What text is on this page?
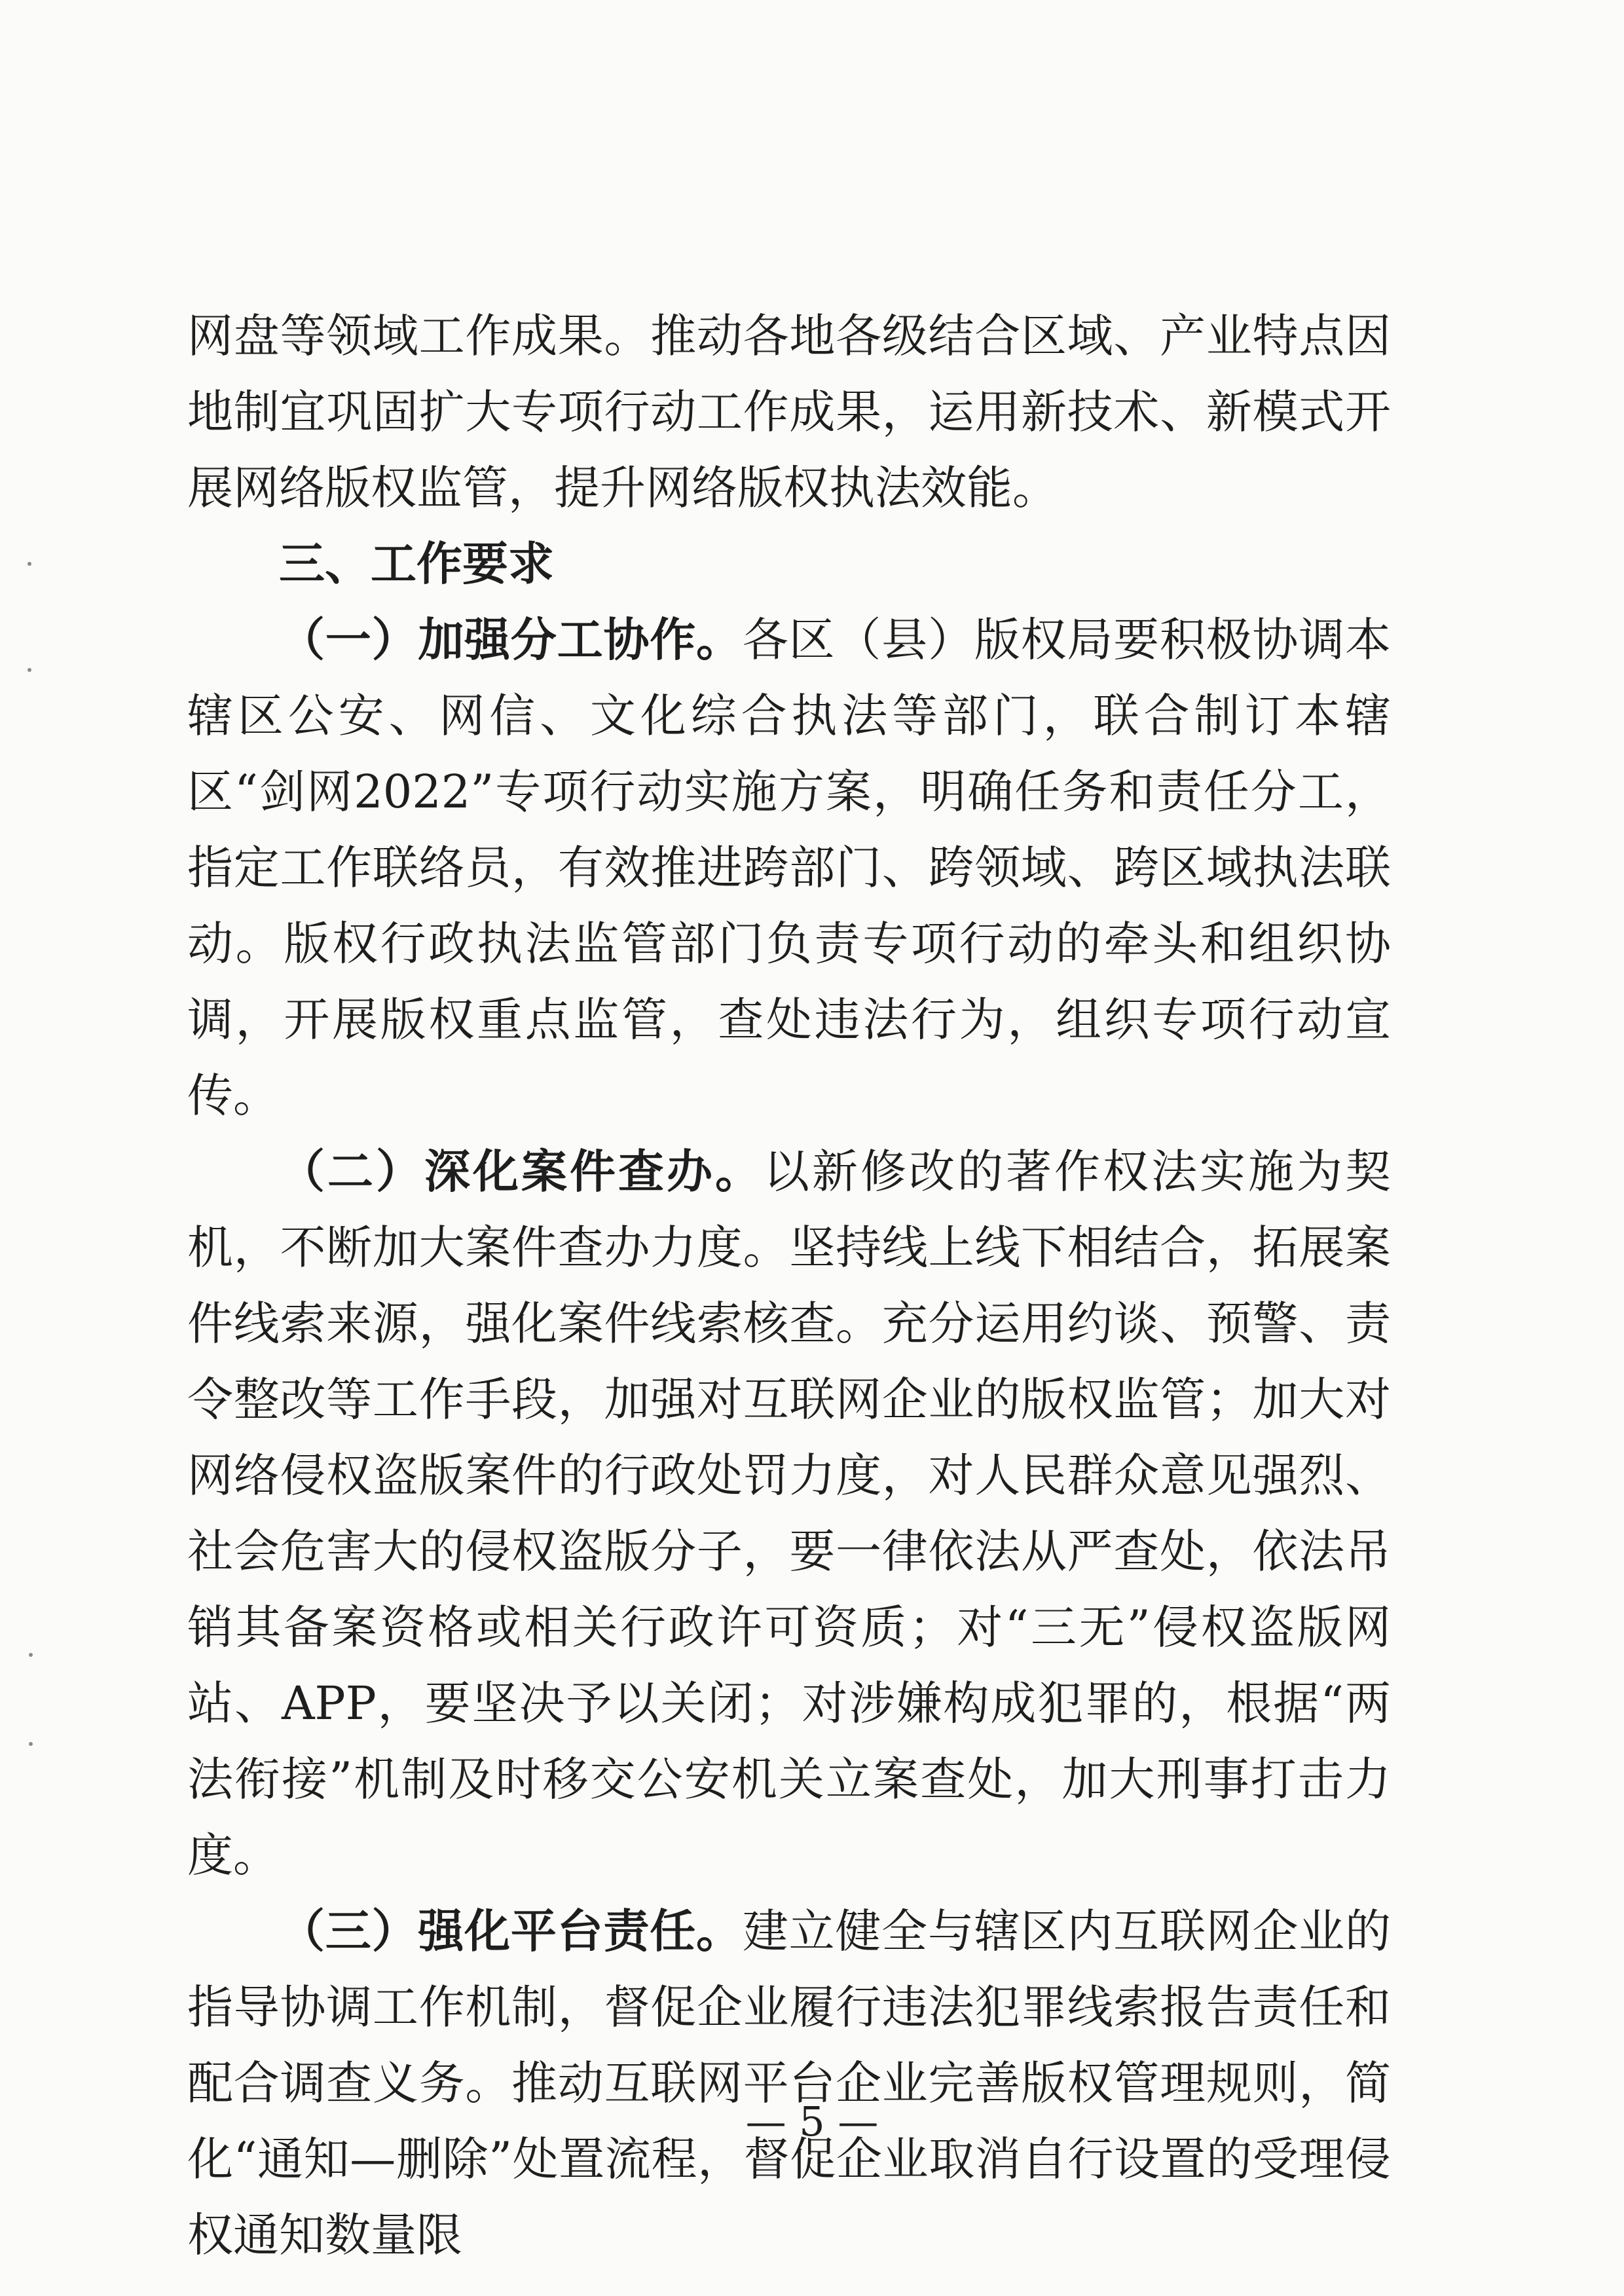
网盘等领域工作成果。推动各地各级结合区域、产业特点因地制宜巩固扩大专项行动工作成果，运用新技术、新模式开展网络版权监管，提升网络版权执法效能。

三、工作要求

（一）加强分工协作。各区（县）版权局要积极协调本辖区公安、网信、文化综合执法等部门，联合制订本辖区“剑网2022”专项行动实施方案，明确任务和责任分工，指定工作联络员，有效推进跨部门、跨领域、跨区域执法联动。版权行政执法监管部门负责专项行动的牵头和组织协调，开展版权重点监管，查处违法行为，组织专项行动宣传。

（二）深化案件查办。以新修改的著作权法实施为契机，不断加大案件查办力度。坚持线上线下相结合，拓展案件线索来源，强化案件线索核查。充分运用约谈、预警、责令整改等工作手段，加强对互联网企业的版权监管；加大对网络侵权盗版案件的行政处罚力度，对人民群众意见强烈、社会危害大的侵权盗版分子，要一律依法从严查处，依法吊销其备案资格或相关行政许可资质；对“三无”侵权盗版网站、APP，要坚决予以关闭；对涉嫌构成犯罪的，根据“两法衔接”机制及时移交公安机关立案查处，加大刑事打击力度。

（三）强化平台责任。建立健全与辖区内互联网企业的指导协调工作机制，督促企业履行违法犯罪线索报告责任和配合调查义务。推动互联网平台企业完善版权管理规则，简化“通知—删除”处置流程，督促企业取消自行设置的受理侵权通知数量限

— 5 —
